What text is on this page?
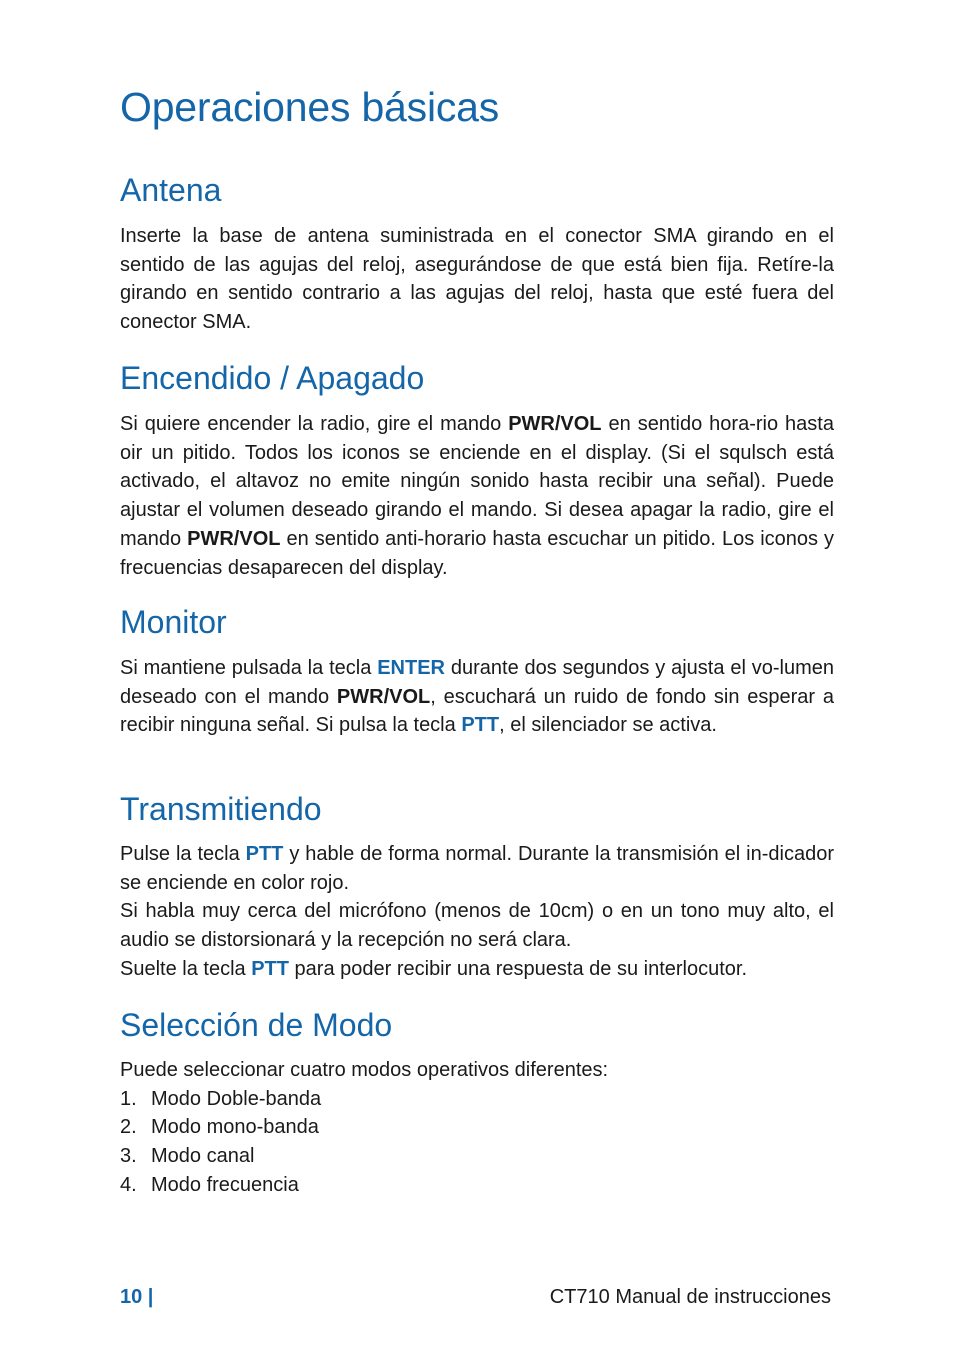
Operaciones básicas
Antena

Inserte la base de antena suministrada en el conector SMA girando en el sentido de las agujas del reloj, asegurándose de que está bien fija. Retíre-la girando en sentido contrario a las agujas del reloj, hasta que esté fuera del conector SMA.

Encendido / Apagado

Si quiere encender la radio, gire el mando PWR/VOL en sentido hora-rio hasta oir un pitido. Todos los iconos se enciende en el display. (Si el squlsch está activado, el altavoz no emite ningún sonido hasta recibir una señal). Puede ajustar el volumen deseado girando el mando. Si desea apagar la radio, gire el mando PWR/VOL en sentido anti-horario hasta escuchar un pitido. Los iconos y frecuencias desaparecen del display.

Monitor

Si mantiene pulsada la tecla ENTER durante dos segundos y ajusta el vo-lumen deseado con el mando PWR/VOL, escuchará un ruido de fondo sin esperar a recibir ninguna señal. Si pulsa la tecla PTT, el silenciador se activa.

Transmitiendo

Pulse la tecla PTT y hable de forma normal. Durante la transmisión el in-dicador se enciende en color rojo.

Si habla muy cerca del micrófono (menos de 10cm) o en un tono muy alto, el audio se distorsionará y la recepción no será clara.

Suelte la tecla PTT para poder recibir una respuesta de su interlocutor.

Selección de Modo

Puede seleccionar cuatro modos operativos diferentes:

1. Modo Doble-banda
2. Modo mono-banda
3. Modo canal
4. Modo frecuencia
10 |	CT710 Manual de instrucciones
